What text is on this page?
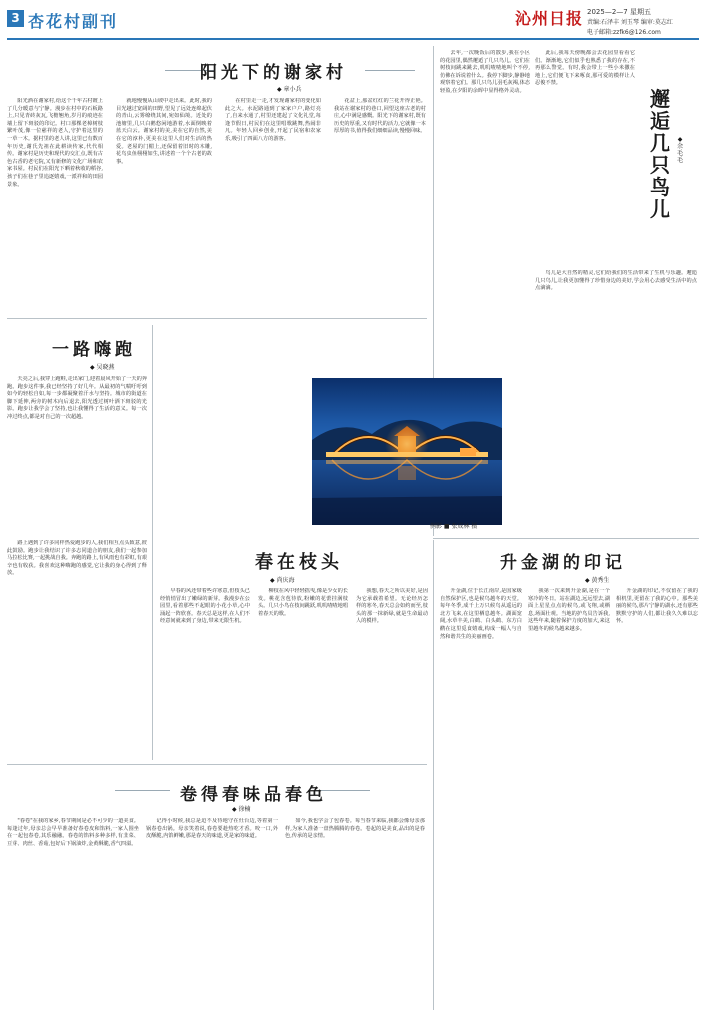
3 杏花村副刊	沁州日报 2025—2—7 星期五
责编:石泽丰 刘玉琴 编审:莫志红
电子邮箱:zzfk6@126.com
阳光下的谢家村
◆ 章小兵

阳光洒在谢家村,给这个千年古村镀上了几分暖意与宁静。漫步在村中的石板路上,只见青砖灰瓦,飞檐翘角,岁月的痕迹在墙上留下斑驳的印记。村口那棵老樟树枝繁叶茂,像一位慈祥的老人,守护着这里的一草一木。据村里的老人讲,这里已有数百年历史,谢氏先祖在此耕读传家,代代相传。谢家村是历史和现代的交汇点,既有古色古香的老宅院,又有新修的文化广场和农家书屋。村民们在阳光下晒着秋收的稻谷,孩子们在巷子里追逐嬉戏,一派祥和的田园景象。

就地慢慢从山坡中走出来。此时,我的目光越过宽阔的田野,望见了远处连绵起伏的青山,云雾缭绕其间,宛如仙境。近处的池塘里,几只白鹅悠闲地游着,水面倒映着蓝天白云。谢家村的美,美在它的自然,美在它的淳朴,更美在这里人们对生活的热爱。老屋的门楣上,还保留着旧时的木雕,花鸟虫鱼栩栩如生,讲述着一个个古老的故事。

在村里走一走,才发现谢家村的变化如此之大。水泥路通到了家家户户,路灯亮了,自来水通了,村里还建起了文化礼堂,每逢节假日,村民们在这里唱歌跳舞,热闹非凡。年轻人回乡创业,开起了民宿和农家乐,吸引了四面八方的游客。

花盆上,那盆红红的兰花开得正艳。我站在谢家村的巷口,回望这座古老的村庄,心中满是感慨。阳光下的谢家村,既有历史的厚重,又有时代的活力,它就像一本厚厚的书,值得我们细细品读,慢慢回味。

一路嗨跑
◆ 吴晓燕

天亮之后,我穿上跑鞋,走出家门,迎着晨风开始了一天的奔跑。跑步这件事,我已经坚持了好几年。从最初的气喘吁吁到如今的轻松自如,每一步都凝聚着汗水与坚持。城市的街道在脚下延伸,两旁的树木向后退去,阳光透过树叶洒下斑驳的光影。跑步让我学会了坚持,也让我懂得了生活的意义。每一次冲过终点,都是对自己的一次超越。

路上遇到了许多同样热爱跑步的人,我们相互点头致意,彼此鼓励。跑步让我结识了许多志同道合的朋友,我们一起参加马拉松比赛,一起挑战自我。奔跑的路上,有风雨也有彩虹,有艰辛也有收获。我喜欢这种嗨跑的感觉,它让我的身心得到了释放。

例影 ■ 张成林 摄
春在枝头
◆ 尚庆海

早春的风还带着些许寒意,但枝头已经悄悄冒出了嫩绿的新芽。我漫步在公园里,看着那些不起眼的小花小草,心中涌起一阵欣喜。春天总是这样,在人们不经意间就来到了身边,带来无限生机。

柳枝在风中轻轻摇曳,像是少女的长发。桃花含苞待放,粉嫩的花蕾挂满枝头。几只小鸟在枝间跳跃,叽叽喳喳地唱着春天的歌。

我想,春天之所以美好,是因为它承载着希望。无论经历怎样的寒冬,春天总会如约而至,枝头的那一抹新绿,就是生命最动人的模样。

卷得春味品春色
◆ 徐楠

"春卷"在我的家乡,春节期间是必不可少的一道美食。每逢过年,母亲总会早早准备好春卷皮和馅料,一家人围坐在一起包春卷,其乐融融。春卷的馅料多种多样,有韭菜、豆芽、肉丝、香菇,包好后下锅油炸,金黄酥脆,香气四溢。

记得小时候,我总是迫不及待地守在灶台边,等着第一锅春卷出锅。母亲笑着说,春卷要趁热吃才香。咬一口,外皮酥脆,内馅鲜嫩,那是春天的味道,更是家的味道。

如今,我也学会了包春卷。每当春节来临,我都会像母亲那样,为家人准备一盘热腾腾的春卷。卷起的是美食,品出的是春色,传承的是亲情。

升金湖的印记
◆ 黄秀生

升金湖,位于长江南岸,是国家级自然保护区,也是候鸟越冬的天堂。每年冬季,成千上万只候鸟从遥远的北方飞来,在这里栖息越冬。湖面宽阔,水草丰美,白鹤、白头鹤、东方白鹳在这里觅食嬉戏,构成一幅人与自然和谐共生的美丽画卷。

我第一次来到升金湖,是在一个寒冷的冬日。站在湖边,远远望去,湖面上星星点点的候鸟,或飞翔,或栖息,场面壮观。当地的护鸟员告诉我,这些年来,随着保护力度的加大,来这里越冬的候鸟越来越多。

升金湖的印记,不仅留在了我的相机里,更留在了我的心中。那些美丽的候鸟,那片宁静的湖水,还有那些默默守护的人们,都让我久久难以忘怀。

去年,一次晚饭后的散步,我在小区的花园里,偶然邂逅了几只鸟儿。它们在树枝间跳来跳去,叽叽喳喳地叫个不停,仿佛在诉说着什么。我停下脚步,静静地观察着它们。那几只鸟儿羽毛灰褐,体态轻盈,在夕阳的余晖中显得格外灵动。

此后,我每天傍晚都会去花园里看看它们。渐渐地,它们似乎也熟悉了我的存在,不再那么警觉。有时,我会带上一些小米撒在地上,它们便飞下来啄食,那可爱的模样让人忍俊不禁。

鸟儿是大自然的精灵,它们给我们的生活带来了生机与乐趣。邂逅几只鸟儿,让我更加懂得了珍惜身边的美好,学会用心去感受生活中的点点滴滴。

邂逅几只鸟儿
◆ 余毛毛
